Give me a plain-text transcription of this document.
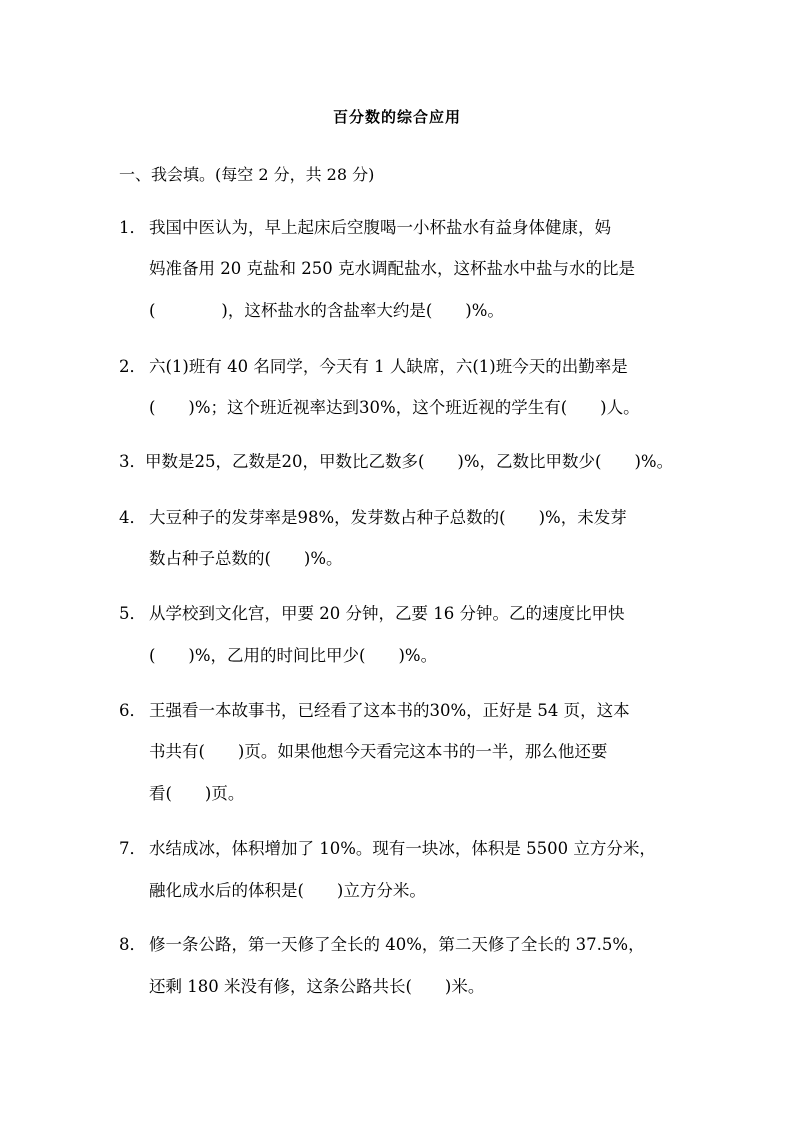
百分数的综合应用
一、我会填。(每空 2 分，共 28 分)
1． 我国中医认为，早上起床后空腹喝一小杯盐水有益身体健康，妈
妈准备用 20 克盐和 250 克水调配盐水，这杯盐水中盐与水的比是
(　　　　)，这杯盐水的含盐率大约是(　　)%。
2． 六(1)班有 40 名同学，今天有 1 人缺席，六(1)班今天的出勤率是
(　　)%；这个班近视率达到30%，这个班近视的学生有(　　)人。
3．甲数是25，乙数是20，甲数比乙数多(　　)%，乙数比甲数少(　　)%。
4． 大豆种子的发芽率是98%，发芽数占种子总数的(　　)%，未发芽
数占种子总数的(　　)%。
5． 从学校到文化宫，甲要 20 分钟，乙要 16 分钟。乙的速度比甲快
(　　)%，乙用的时间比甲少(　　)%。
6． 王强看一本故事书，已经看了这本书的30%，正好是 54 页，这本
书共有(　　)页。如果他想今天看完这本书的一半，那么他还要
看(　　)页。
7． 水结成冰，体积增加了 10%。现有一块冰，体积是 5500 立方分米，
融化成水后的体积是(　　)立方分米。
8． 修一条公路，第一天修了全长的 40%，第二天修了全长的 37.5%，
还剩 180 米没有修，这条公路共长(　　)米。
